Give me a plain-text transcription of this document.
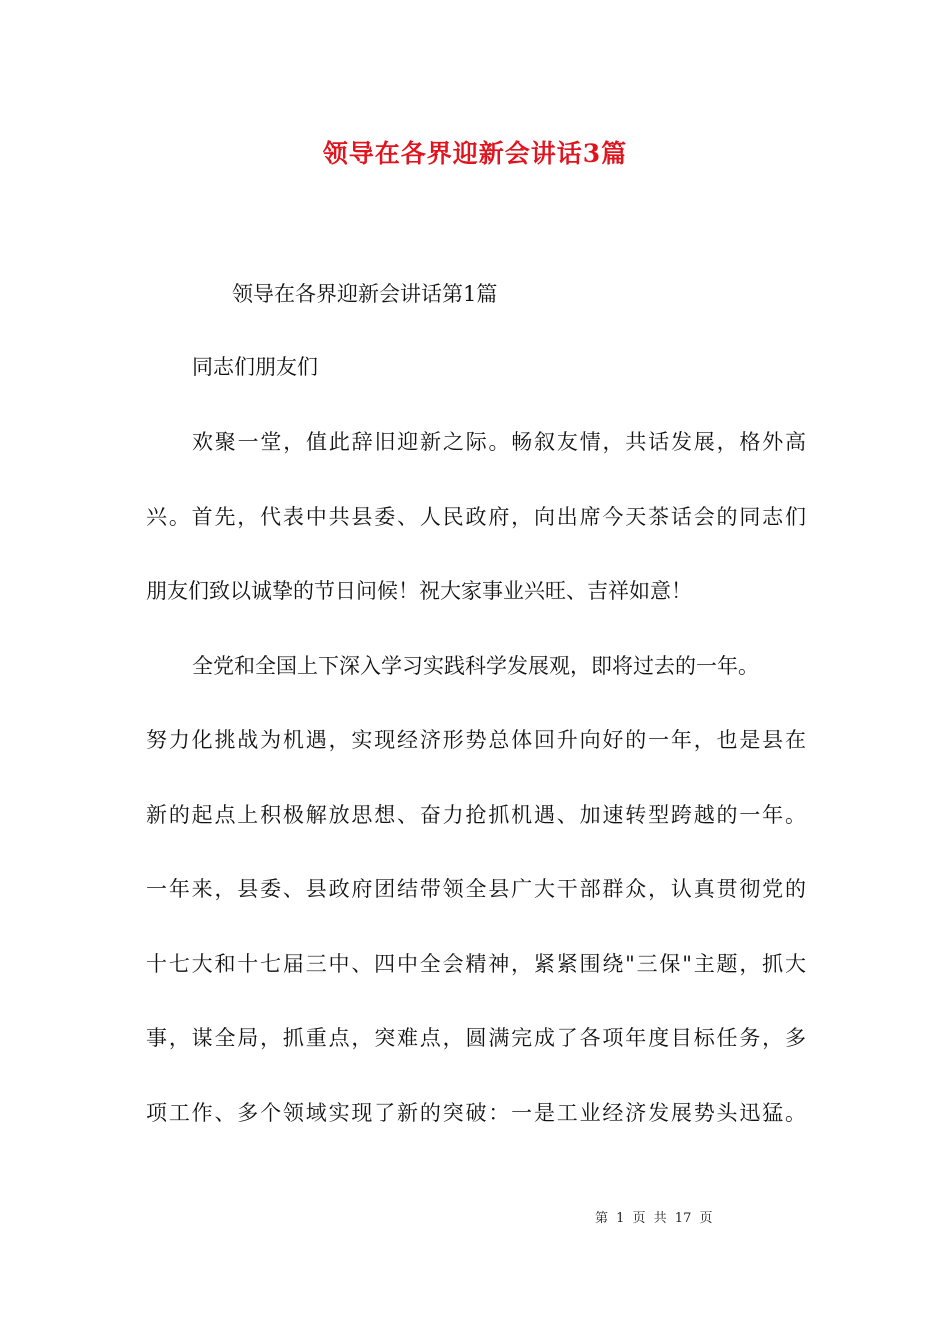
领导在各界迎新会讲话3篇
领导在各界迎新会讲话第1篇
同志们朋友们
欢聚一堂，值此辞旧迎新之际。畅叙友情，共话发展，格外高
兴。首先，代表中共县委、人民政府，向出席今天茶话会的同志们
朋友们致以诚挚的节日问候！祝大家事业兴旺、吉祥如意！
全党和全国上下深入学习实践科学发展观，即将过去的一年。
努力化挑战为机遇，实现经济形势总体回升向好的一年，也是县在
新的起点上积极解放思想、奋力抢抓机遇、加速转型跨越的一年。
一年来，县委、县政府团结带领全县广大干部群众，认真贯彻党的
十七大和十七届三中、四中全会精神，紧紧围绕"三保"主题，抓大
事，谋全局，抓重点，突难点，圆满完成了各项年度目标任务，多
项工作、多个领域实现了新的突破：一是工业经济发展势头迅猛。
第 1 页 共 17 页
